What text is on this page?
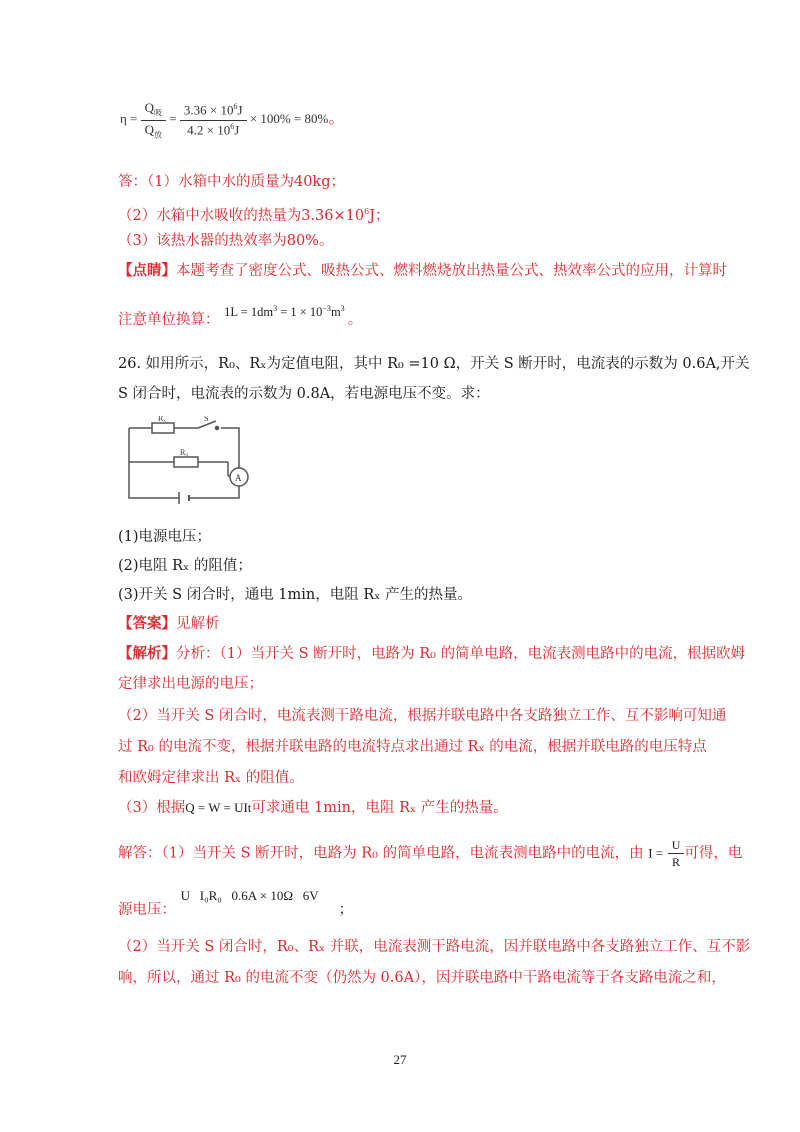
$\eta = \frac{Q_吸}{Q_放} = \frac{3.36 \times 10^6J}{4.2 \times 10^6J} \times 100\% = 80\%$。
答：（1）水箱中水的质量为40kg；
（2）水箱中水吸收的热量为$3.36\times 10^6J$；
（3）该热水器的热效率为80%。
【点睛】本题考查了密度公式、吸热公式、燃料燃烧放出热量公式、热效率公式的应用，计算时
注意单位换算： $1L = 1dm^3 = 1 \times 10^{-3}m^3$ 。
26. 如用所示，R₀、Rₓ为定值电阻，其中 R₀ =10 Ω，开关 S 断开时，电流表的示数为 0.6A,开关
S 闭合时，电流表的示数为 0.8A，若电源电压不变。求：
Rₓ	S
R₀
A
(1)电源电压；
(2)电阻 Rₓ 的阻值；
(3)开关 S 闭合时，通电 1min，电阻 Rₓ 产生的热量。
【答案】见解析
【解析】分析：（1）当开关 S 断开时，电路为 R₀ 的简单电路，电流表测电路中的电流，根据欧姆
定律求出电源的电压；
（2）当开关 S 闭合时，电流表测干路电流，根据并联电路中各支路独立工作、互不影响可知通
过 R₀ 的电流不变，根据并联电路的电流特点求出通过 Rₓ 的电流，根据并联电路的电压特点
和欧姆定律求出 Rₓ 的阻值。
（3）根据Q = W = UIt可求通电 1min，电阻 Rₓ 产生的热量。
解答：（1）当开关 S 断开时，电路为 R₀ 的简单电路，电流表测电路中的电流，由 $I = \frac{U}{R}$ 可得，电
源电压： U   I₀R₀   0.6A × 10Ω   6V；
（2）当开关 S 闭合时，R₀、Rₓ 并联，电流表测干路电流，因并联电路中各支路独立工作、互不影
响，所以，通过 R₀ 的电流不变（仍然为 0.6A），因并联电路中干路电流等于各支路电流之和，
27
